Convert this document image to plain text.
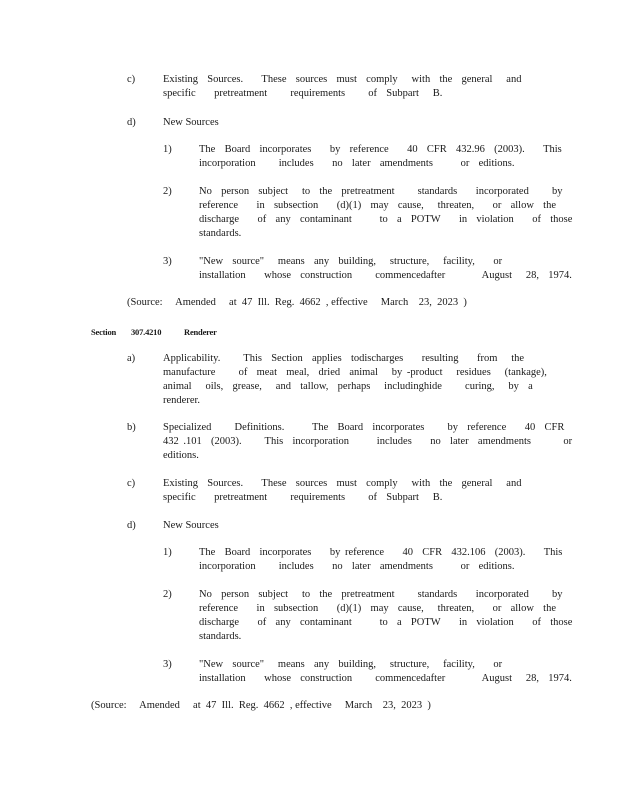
c)	Existing  Sources.    These  sources  must  comply   with  the  general   and
specific    pretreatment     requirements     of  Subpart   B.
d)	New Sources
1)	The  Board  incorporates    by  reference    40  CFR  432.96  (2003).    This
incorporation     includes    no  later  amendments      or  editions.
2)	No  person  subject   to  the  pretreatment     standards    incorporated     by
reference    in  subsection    (d)(1)  may  cause,   threaten,    or  allow  the
discharge    of  any  contaminant      to  a  POTW    in  violation    of  those
standards.
3)	"New  source"   means  any  building,   structure,   facility,    or
installation    whose  construction     commencedafter        August   28,  1974.
(Source:     Amended     at  47  Ill.  Reg.  4662  , effective     March    23,  2023  )
Section 307.4210	Renderer
a)	Applicability.     This  Section  applies  todischarges    resulting    from   the
manufacture     of  meat  meal,  dried  animal   by -product   residues   (tankage),
animal   oils,  grease,   and  tallow,  perhaps   includinghide     curing,   by  a
renderer.
b)	Specialized     Definitions.      The  Board  incorporates     by  reference    40  CFR
432 .101  (2003).     This  incorporation      includes    no  later  amendments       or
editions.
c)	Existing  Sources.    These  sources  must  comply   with  the  general   and
specific    pretreatment     requirements     of  Subpart   B.
d)	New Sources
1)	The  Board  incorporates    by reference    40  CFR  432.106  (2003).    This
incorporation     includes    no  later  amendments      or  editions.
2)	No  person  subject   to  the  pretreatment     standards    incorporated     by
reference    in  subsection    (d)(1)  may  cause,   threaten,    or  allow  the
discharge    of  any  contaminant      to  a  POTW    in  violation    of  those
standards.
3)	"New  source"   means  any  building,   structure,   facility,    or
installation    whose  construction     commencedafter        August   28,  1974.
(Source:     Amended     at  47  Ill.  Reg.  4662  , effective     March    23,  2023  )
